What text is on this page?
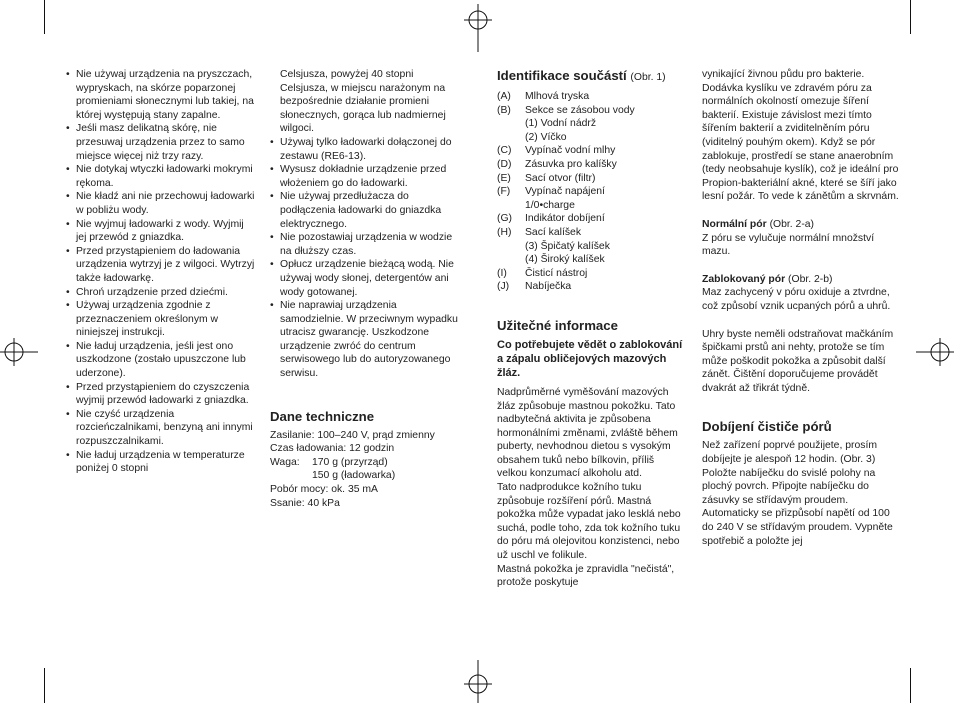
• Nie używaj urządzenia na pryszczach, wypryskach, na skórze poparzonej promieniami słonecznymi lub takiej, na której występują stany zapalne.
• Jeśli masz delikatną skórę, nie przesuwaj urządzenia przez to samo miejsce więcej niż trzy razy.
• Nie dotykaj wtyczki ładowarki mokrymi rękoma.
• Nie kładź ani nie przechowuj ładowarki w pobliżu wody.
• Nie wyjmuj ładowarki z wody. Wyjmij jej przewód z gniazdka.
• Przed przystąpieniem do ładowania urządzenia wytrzyj je z wilgoci. Wytrzyj także ładowarkę.
• Chroń urządzenie przed dziećmi.
• Używaj urządzenia zgodnie z przeznaczeniem określonym w niniejszej instrukcji.
• Nie ładuj urządzenia, jeśli jest ono uszkodzone (zostało upuszczone lub uderzone).
• Przed przystąpieniem do czyszczenia wyjmij przewód ładowarki z gniazdka.
• Nie czyść urządzenia rozcieńczalnikami, benzyną ani innymi rozpuszczalnikami.
• Nie ładuj urządzenia w temperaturze poniżej 0 stopni

Celsjusza, powyżej 40 stopni Celsjusza, w miejscu narażonym na bezpośrednie działanie promieni słonecznych, gorąca lub nadmiernej wilgoci.

• Używaj tylko ładowarki dołączonej do zestawu (RE6-13).
• Wysusz dokładnie urządzenie przed włożeniem go do ładowarki.
• Nie używaj przedłużacza do podłączenia ładowarki do gniazdka elektrycznego.
• Nie pozostawiaj urządzenia w wodzie na dłuższy czas.
• Opłucz urządzenie bieżącą wodą. Nie używaj wody słonej, detergentów ani wody gotowanej.
• Nie naprawiaj urządzenia samodzielnie. W przeciwnym wypadku utracisz gwarancję. Uszkodzone urządzenie zwróć do centrum serwisowego lub do autoryzowanego serwisu.
Dane techniczne

Zasilanie: 100–240 V, prąd zmienny

Czas ładowania: 12 godzin

Waga:	170 g (przyrząd)
150 g (ładowarka)

Pobór mocy: ok. 35 mA

Ssanie: 40 kPa

Identifikace součástí (Obr. 1)
(A)	Mlhová tryska
(B)	Sekce se zásobou vody
(1) Vodní nádrž
(2) Víčko
(C)	Vypínač vodní mlhy
(D)	Zásuvka pro kalíšky
(E)	Sací otvor (filtr)
(F)	Vypínač napájení
1/0•charge
(G)	Indikátor dobíjení
(H)	Sací kalíšek
(3) Špičatý kalíšek
(4) Široký kalíšek
(I)	Čisticí nástroj
(J)	Nabíječka
Užitečné informace
Co potřebujete vědět o zablokování a zápalu obličejových mazových žláz.

Nadprůměrné vyměšování mazových žláz způsobuje mastnou pokožku. Tato nadbytečná aktivita je způsobena hormonálními změnami, zvláště během puberty, nevhodnou dietou s vysokým obsahem tuků nebo bílkovin, příliš velkou konzumací alkoholu atd.

Tato nadprodukce kožního tuku způsobuje rozšíření pórů. Mastná pokožka může vypadat jako lesklá nebo suchá, podle toho, zda tok kožního tuku do póru má olejovitou konzistenci, nebo už uschl ve folikule.

Mastná pokožka je zpravidla "nečistá", protože poskytuje

vynikající živnou půdu pro bakterie. Dodávka kyslíku ve zdravém póru za normálních okolností omezuje šíření bakterií. Existuje závislost mezi tímto šířením bakterií a zviditelněním póru (viditelný pouhým okem). Když se pór zablokuje, prostředí se stane anaerobním (tedy neobsahuje kyslík), což je ideální pro Propion-bakteriální akné, které se šíří jako lesní požár. To vede k zánětům a skrvnám.

Normální pór (Obr. 2-a)

Z póru se vylučuje normální množství mazu.

Zablokovaný pór (Obr. 2-b)

Maz zachycený v póru oxiduje a ztvrdne, což způsobí vznik ucpaných pórů a uhrů.

Uhry byste neměli odstraňovat mačkáním špičkami prstů ani nehty, protože se tím může poškodit pokožka a způsobit další zánět. Čištění doporučujeme provádět dvakrát až třikrát týdně.

Dobíjení čističe pórů

Než zařízení poprvé použijete, prosím dobíjejte je alespoň 12 hodin. (Obr. 3)

Položte nabíječku do svislé polohy na plochý povrch. Připojte nabíječku do zásuvky se střídavým proudem. Automaticky se přizpůsobí napětí od 100 do 240 V se střídavým proudem. Vypněte spotřebič a položte jej
